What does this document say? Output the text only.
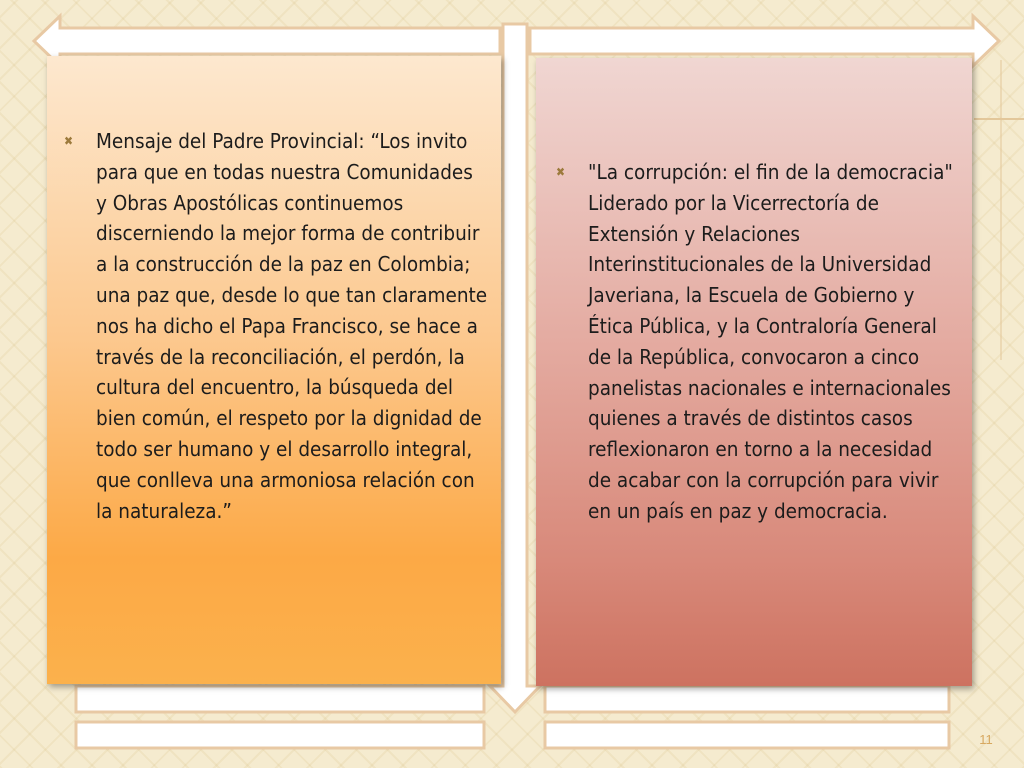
✖	Mensaje del Padre Provincial: “Los invito para que en todas nuestra Comunidades y Obras Apostólicas continuemos discerniendo la mejor forma de contribuir a la construcción de la paz en Colombia; una paz que, desde lo que tan claramente nos ha dicho el Papa Francisco, se hace a través de la reconciliación, el perdón, la cultura del encuentro, la búsqueda del bien común, el respeto por la dignidad de todo ser humano y el desarrollo integral, que conlleva una armoniosa relación con la naturaleza.”
✖	"La corrupción: el fin de la democracia" Liderado por la Vicerrectoría de Extensión y Relaciones Interinstitucionales de la Universidad Javeriana, la Escuela de Gobierno y Ética Pública, y la Contraloría General de la República, convocaron a cinco panelistas nacionales e internacionales quienes a través de distintos casos reflexionaron en torno a la necesidad de acabar con la corrupción para vivir en un país en paz y democracia.
11
